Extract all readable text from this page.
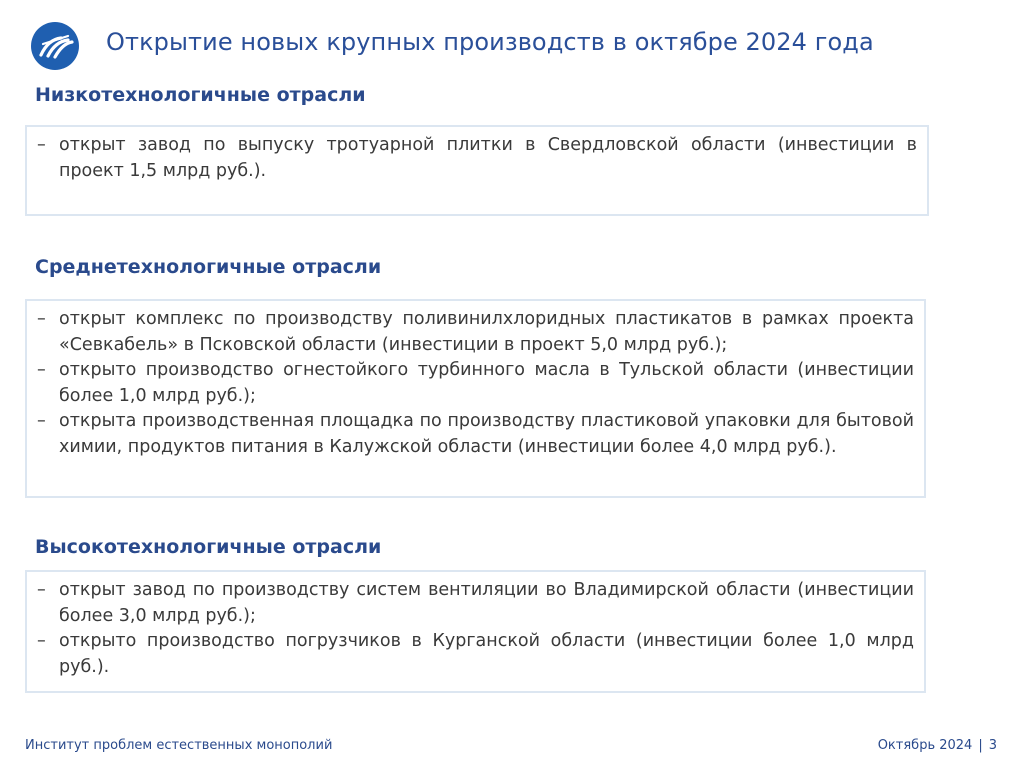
Открытие новых крупных производств в октябре 2024 года
Низкотехнологичные отрасли
– открыт завод по выпуску тротуарной плитки в Свердловской области (инвестиции в проект 1,5 млрд руб.).
Среднетехнологичные отрасли
– открыт комплекс по производству поливинилхлоридных пластикатов в рамках проекта «Севкабель» в Псковской области (инвестиции в проект 5,0 млрд руб.);
– открыто производство огнестойкого турбинного масла в Тульской области (инвестиции более 1,0 млрд руб.);
– открыта производственная площадка по производству пластиковой упаковки для бытовой химии, продуктов питания в Калужской области (инвестиции более 4,0 млрд руб.).
Высокотехнологичные отрасли
– открыт завод по производству систем вентиляции во Владимирской области (инвестиции более 3,0 млрд руб.);
– открыто производство погрузчиков в Курганской области (инвестиции более 1,0 млрд руб.).
Институт проблем естественных монополий	Октябрь 2024 | 3
